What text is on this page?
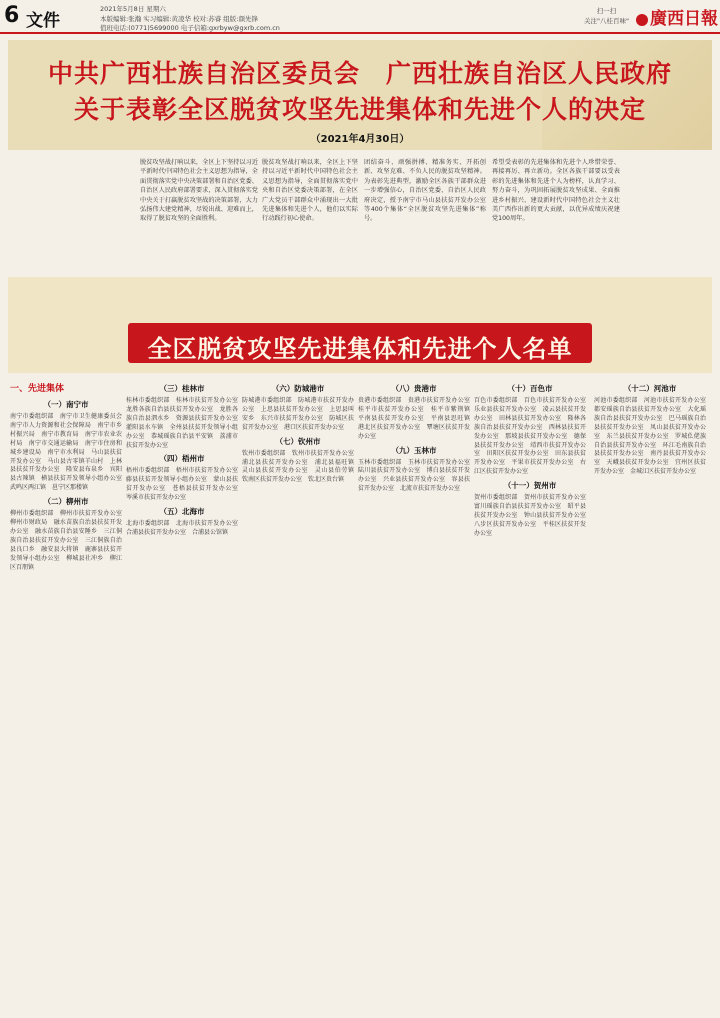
6 文件
2021年5月8日 星期六
本版编辑:张瀚 实习编辑:黄凌华 校对:苏睿 组版:颜先锋
值班电话:(0771)5699000 电子信箱:gxrbyw@gxrb.com.cn
扫一扫
关注"八桂百味"	廣西日報
中共广西壮族自治区委员会　广西壮族自治区人民政府
关于表彰全区脱贫攻坚先进集体和先进个人的决定
（2021年4月30日）
脱贫攻坚战打响以来，全区上下坚持以习近平新时代中国特色社会主义思想为指导，全面贯彻落实党中央决策部署和自治区党委、自治区人民政府部署要求，深入贯彻落实党中央关于打赢脱贫攻坚战的决策部署，大力弘扬伟大建党精神，尽锐出战、迎难而上，取得了脱贫攻坚的全面胜利。
脱贫攻坚战打响以来，全区上下坚持以习近平新时代中国特色社会主义思想为指导，全面贯彻落实党中央和自治区党委决策部署，在全区广大党员干部群众中涌现出一大批先进集体和先进个人，他们以实际行动践行初心使命。
团结奋斗、顽强拼搏、精准务实、开拓创新、攻坚克难、不负人民的脱贫攻坚精神。为表彰先进典型，激励全区各族干部群众进一步增强信心，自治区党委、自治区人民政府决定，授予南宁市马山县扶贫开发办公室等400个集体“全区脱贫攻坚先进集体”称号。
希望受表彰的先进集体和先进个人珍惜荣誉、再接再厉、再立新功。全区各族干部要以受表彰的先进集体和先进个人为榜样，认真学习、努力奋斗，为巩固拓展脱贫攻坚成果、全面推进乡村振兴、建设新时代中国特色社会主义壮美广西作出新的更大贡献，以优异成绩庆祝建党100周年。
全区脱贫攻坚先进集体和先进个人名单
一、先进集体
（一）南宁市
南宁市委组织部　南宁市卫生健康委员会　南宁市人力资源和社会保障局　南宁市乡村振兴局　南宁市教育局　南宁市农业农村局　南宁市交通运输局　南宁市住房和城乡建设局　南宁市水利局　马山县扶贫开发办公室　马山县古零镇羊山村　上林县扶贫开发办公室　隆安县布泉乡　宾阳县古辣镇　横县扶贫开发领导小组办公室　武鸣区两江镇　邕宁区那楼镇
（二）柳州市
柳州市委组织部　柳州市扶贫开发办公室　柳州市财政局　融水苗族自治县扶贫开发办公室　融水苗族自治县安陲乡　三江侗族自治县扶贫开发办公室　三江侗族自治县良口乡　融安县大将镇　鹿寨县扶贫开发领导小组办公室　柳城县社冲乡　柳江区百朋镇
（三）桂林市
桂林市委组织部　桂林市扶贫开发办公室　龙胜各族自治县扶贫开发办公室　龙胜各族自治县泗水乡　资源县扶贫开发办公室　灌阳县水车镇　全州县扶贫开发领导小组办公室　恭城瑶族自治县平安镇　荔浦市扶贫开发办公室
（四）梧州市
梧州市委组织部　梧州市扶贫开发办公室　藤县扶贫开发领导小组办公室　蒙山县扶贫开发办公室　苍梧县扶贫开发办公室　岑溪市扶贫开发办公室
（五）北海市
北海市委组织部　北海市扶贫开发办公室　合浦县扶贫开发办公室　合浦县公馆镇
（六）防城港市
防城港市委组织部　防城港市扶贫开发办公室　上思县扶贫开发办公室　上思县叫安乡　东兴市扶贫开发办公室　防城区扶贫开发办公室　港口区扶贫开发办公室
（七）钦州市
钦州市委组织部　钦州市扶贫开发办公室　浦北县扶贫开发办公室　浦北县福旺镇　灵山县扶贫开发办公室　灵山县伯劳镇　钦南区扶贫开发办公室　钦北区贵台镇
（八）贵港市
贵港市委组织部　贵港市扶贫开发办公室　桂平市扶贫开发办公室　桂平市紫荆镇　平南县扶贫开发办公室　平南县思旺镇　港北区扶贫开发办公室　覃塘区扶贫开发办公室
（九）玉林市
玉林市委组织部　玉林市扶贫开发办公室　陆川县扶贫开发办公室　博白县扶贫开发办公室　兴业县扶贫开发办公室　容县扶贫开发办公室　北流市扶贫开发办公室
（十）百色市
百色市委组织部　百色市扶贫开发办公室　乐业县扶贫开发办公室　凌云县扶贫开发办公室　田林县扶贫开发办公室　隆林各族自治县扶贫开发办公室　西林县扶贫开发办公室　那坡县扶贫开发办公室　德保县扶贫开发办公室　靖西市扶贫开发办公室　田阳区扶贫开发办公室　田东县扶贫开发办公室　平果市扶贫开发办公室　右江区扶贫开发办公室
（十一）贺州市
贺州市委组织部　贺州市扶贫开发办公室　富川瑶族自治县扶贫开发办公室　昭平县扶贫开发办公室　钟山县扶贫开发办公室　八步区扶贫开发办公室　平桂区扶贫开发办公室
（十二）河池市
河池市委组织部　河池市扶贫开发办公室　都安瑶族自治县扶贫开发办公室　大化瑶族自治县扶贫开发办公室　巴马瑶族自治县扶贫开发办公室　凤山县扶贫开发办公室　东兰县扶贫开发办公室　罗城仫佬族自治县扶贫开发办公室　环江毛南族自治县扶贫开发办公室　南丹县扶贫开发办公室　天峨县扶贫开发办公室　宜州区扶贫开发办公室　金城江区扶贫开发办公室
